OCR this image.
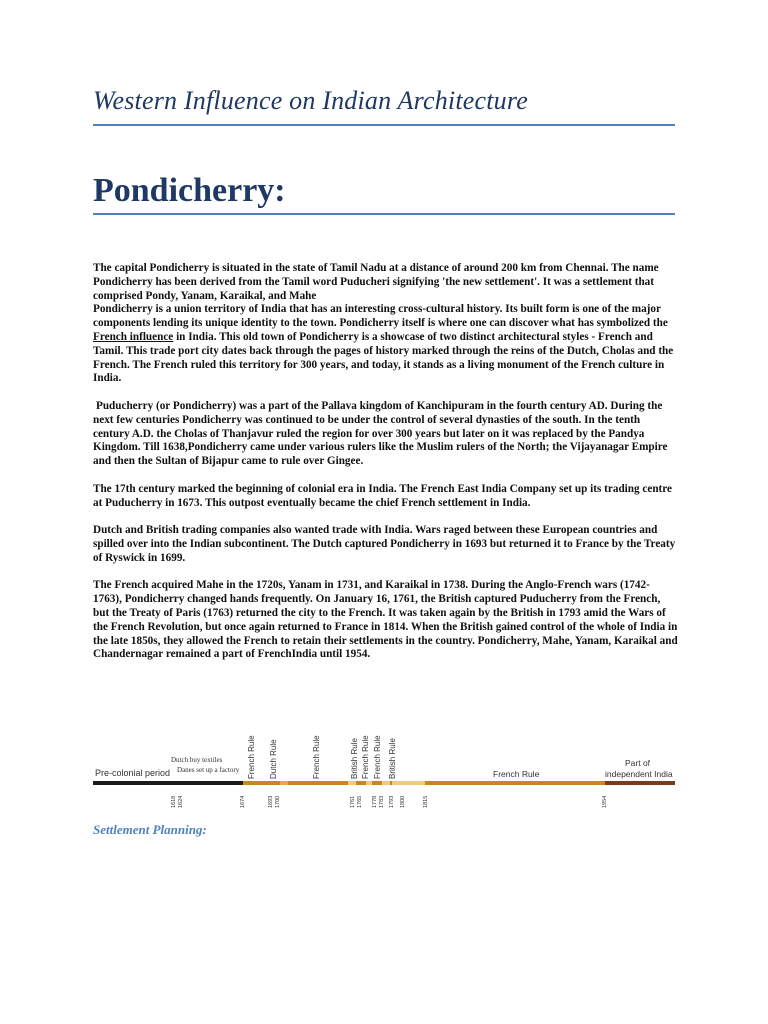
Western Influence on Indian Architecture
Pondicherry:

The capital Pondicherry is situated in the state of Tamil Nadu at a distance of around 200 km from Chennai. The name Pondicherry has been derived from the Tamil word Puducheri signifying 'the new settlement'. It was a settlement that comprised Pondy, Yanam, Karaikal, and Mahe
Pondicherry is a union territory of India that has an interesting cross-cultural history. Its built form is one of the major components lending its unique identity to the town. Pondicherry itself is where one can discover what has symbolized the French influence in India. This old town of Pondicherry is a showcase of two distinct architectural styles - French and Tamil. This trade port city dates back through the pages of history marked through the reins of the Dutch, Cholas and the French. The French ruled this territory for 300 years, and today, it stands as a living monument of the French culture in India.

Puducherry (or Pondicherry) was a part of the Pallava kingdom of Kanchipuram in the fourth century AD. During the next few centuries Pondicherry was continued to be under the control of several dynasties of the south. In the tenth century A.D. the Cholas of Thanjavur ruled the region for over 300 years but later on it was replaced by the Pandya Kingdom. Till 1638,Pondicherry came under various rulers like the Muslim rulers of the North; the Vijayanagar Empire and then the Sultan of Bijapur came to rule over Gingee.

The 17th century marked the beginning of colonial era in India. The French East India Company set up its trading centre at Puducherry in 1673. This outpost eventually became the chief French settlement in India.

Dutch and British trading companies also wanted trade with India. Wars raged between these European countries and spilled over into the Indian subcontinent. The Dutch captured Pondicherry in 1693 but returned it to France by the Treaty of Ryswick in 1699.

The French acquired Mahe in the 1720s, Yanam in 1731, and Karaikal in 1738. During the Anglo-French wars (1742-1763), Pondicherry changed hands frequently. On January 16, 1761, the British captured Puducherry from the French, but the Treaty of Paris (1763) returned the city to the French. It was taken again by the British in 1793 amid the Wars of the French Revolution, but once again returned to France in 1814. When the British gained control of the whole of India in the late 1850s, they allowed the French to retain their settlements in the country. Pondicherry, Mahe, Yanam, Karaikal and Chandernagar remained a part of FrenchIndia until 1954.

Pre-colonial period
Dutch buy textiles
Danes set up a factory	French Rule
Part of
independent India
French Rule Dutch Rule	French Rule	British Rule French Rule French Rule British Rule
1618 1624	1674	1693 1700	1761 1765 1778 1783 1793 1800	1815	1954
Settlement Planning:
